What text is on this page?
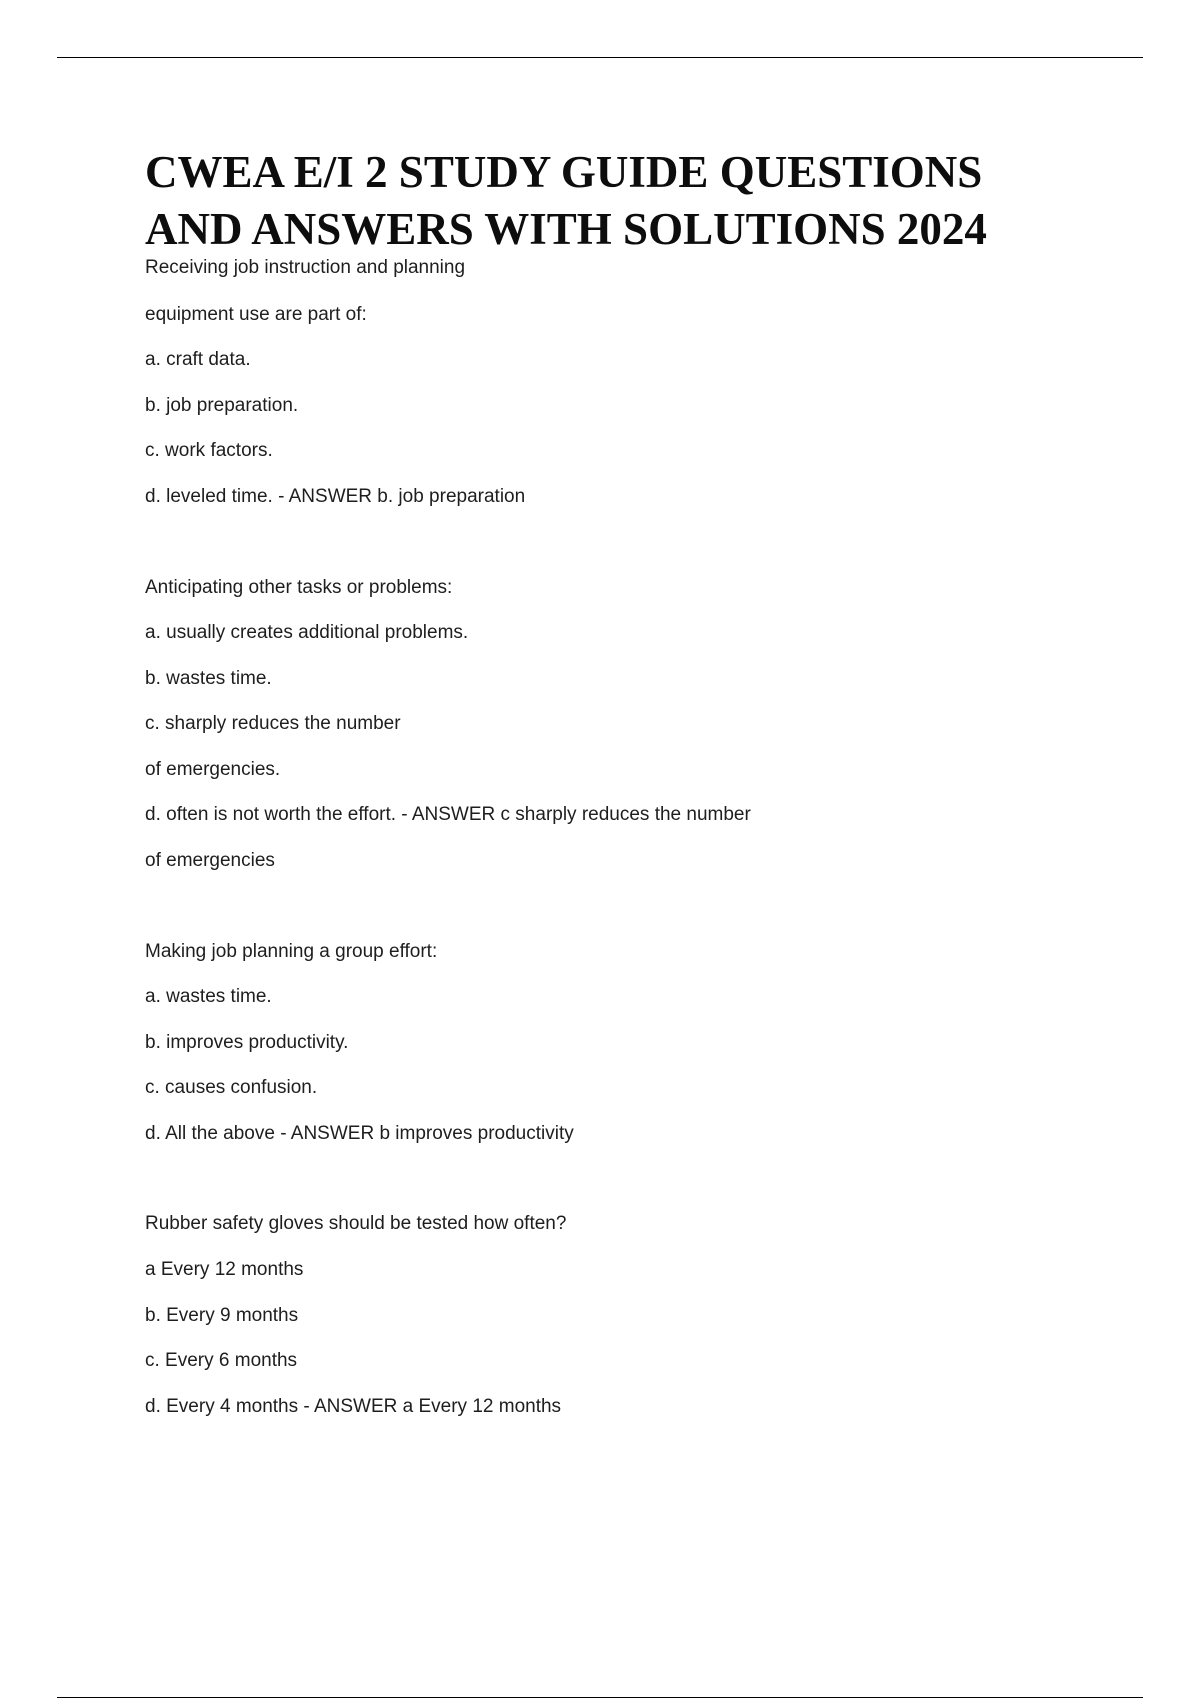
CWEA E/I 2 STUDY GUIDE QUESTIONS
AND ANSWERS WITH SOLUTIONS 2024
Receiving job instruction and planning
equipment use are part of:
a. craft data.
b. job preparation.
c. work factors.
d. leveled time. - ANSWER b. job preparation
Anticipating other tasks or problems:
a. usually creates additional problems.
b. wastes time.
c. sharply reduces the number
of emergencies.
d. often is not worth the effort. - ANSWER c sharply reduces the number
of emergencies
Making job planning a group effort:
a. wastes time.
b. improves productivity.
c. causes confusion.
d. All the above - ANSWER b improves productivity
Rubber safety gloves should be tested how often?
a Every 12 months
b. Every 9 months
c. Every 6 months
d. Every 4 months - ANSWER a Every 12 months
